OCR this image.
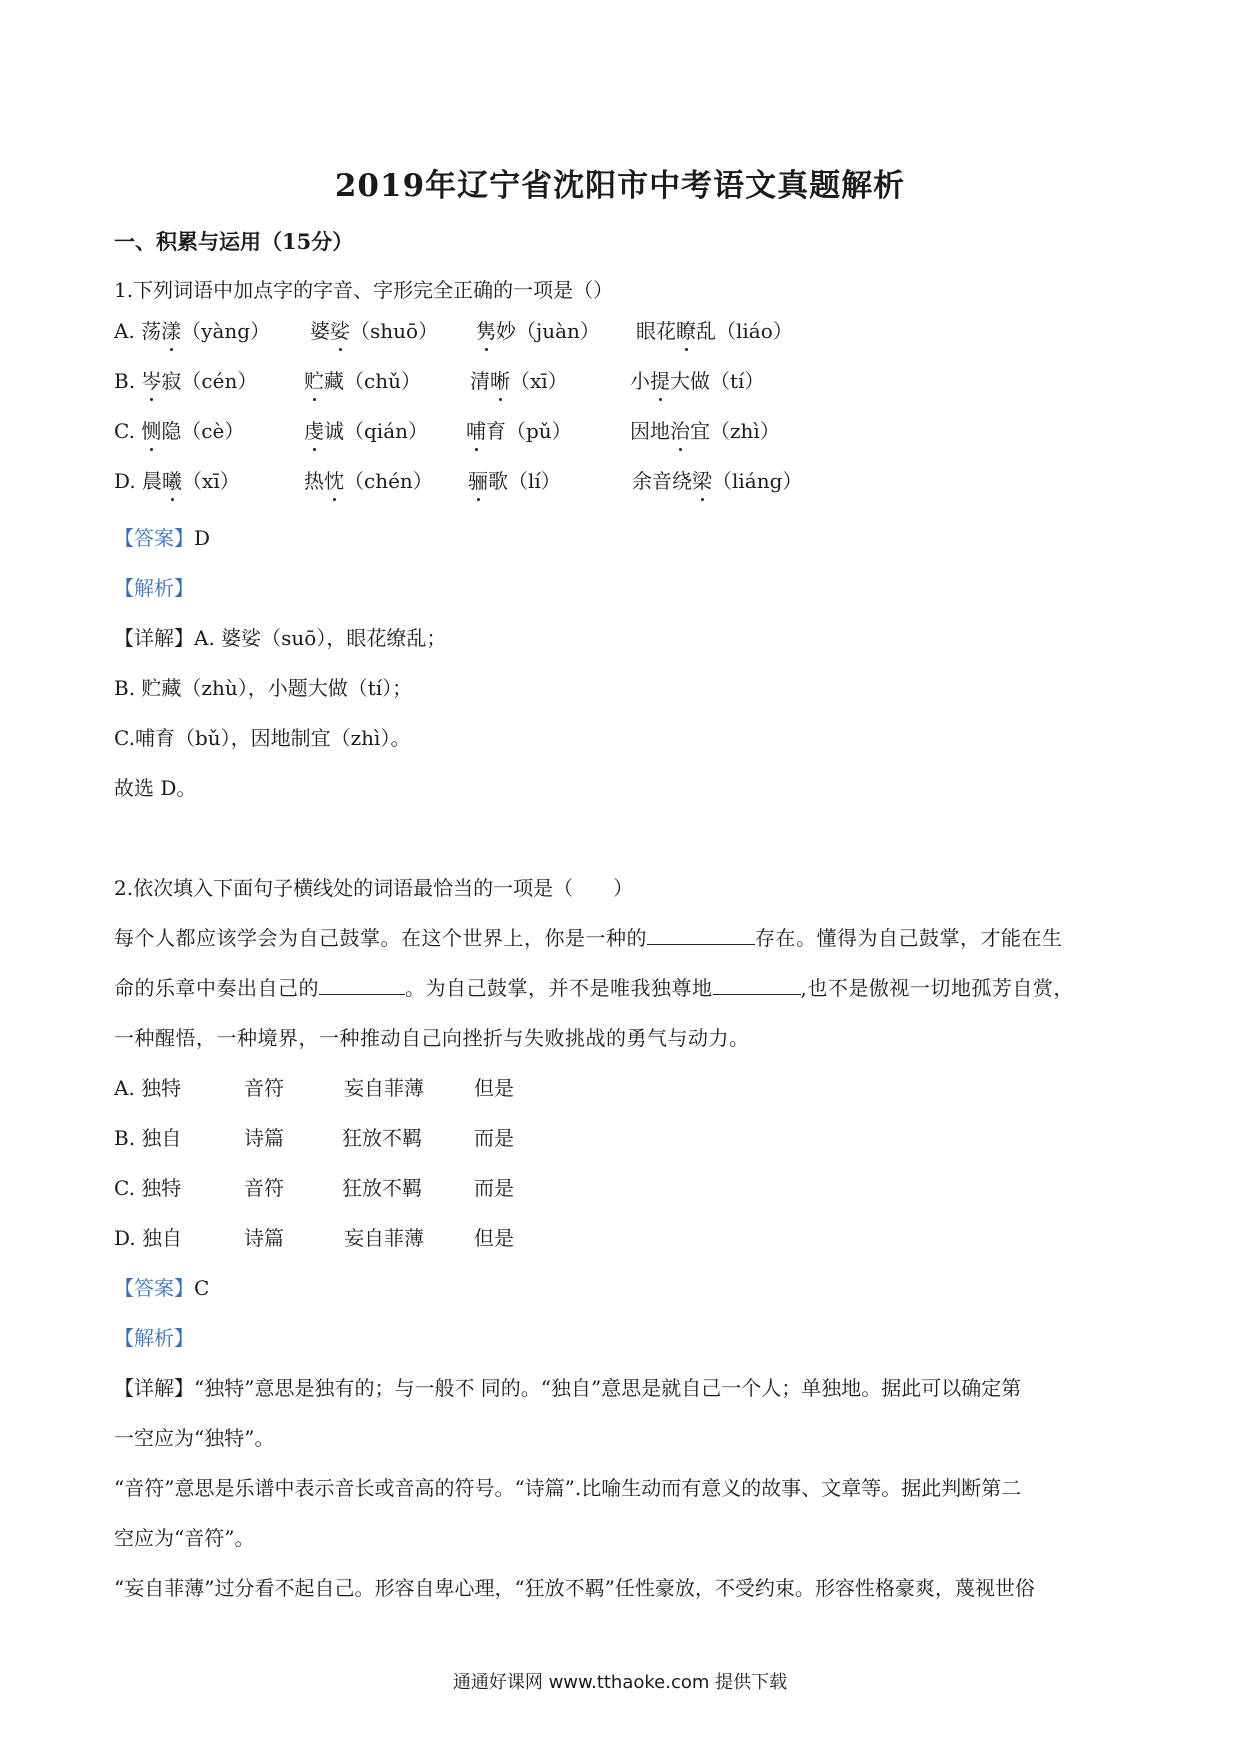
2019年辽宁省沈阳市中考语文真题解析
一、积累与运用（15分）
1.下列词语中加点字的字音、字形完全正确的一项是（）
A. 荡漾（yàng） 婆娑（shuō） 隽妙（juàn） 眼花瞭乱（liáo）
B. 岑寂（cén） 贮藏（chǔ） 清晰（xī）	小提大做（tí）
C. 恻隐（cè）	虔诚（qián） 哺育（pǔ）	因地治宜（zhì）
D. 晨曦（xī）	热忱（chén） 骊歌（lí）	余音绕梁（liáng）
【答案】D
【解析】
【详解】A. 婆娑（suō），眼花缭乱；
B. 贮藏（zhù），小题大做（tí）；
C.哺育（bǔ），因地制宜（zhì）。
故选 D。
2.依次填入下面句子横线处的词语最恰当的一项是（　　）
每个人都应该学会为自己鼓掌。在这个世界上，你是一种的	存在。懂得为自己鼓掌，才能在生
命的乐章中奏出自己的	。为自己鼓掌，并不是唯我独尊地	,也不是傲视一切地孤芳自赏，
一种醒悟，一种境界，一种推动自己向挫折与失败挑战的勇气与动力。
A. 独特	音符	妄自菲薄	但是
B. 独自	诗篇	狂放不羁	而是
C. 独特	音符	狂放不羁	而是
D. 独自	诗篇	妄自菲薄	但是
【答案】C
【解析】
【详解】“独特”意思是独有的；与一般不 同的。“独自”意思是就自己一个人；单独地。据此可以确定第
一空应为“独特”。
“音符”意思是乐谱中表示音长或音高的符号。“诗篇”.比喻生动而有意义的故事、文章等。据此判断第二
空应为“音符”。
“妄自菲薄”过分看不起自己。形容自卑心理，“狂放不羁”任性豪放，不受约束。形容性格豪爽，蔑视世俗
通通好课网 www.tthaoke.com 提供下载
